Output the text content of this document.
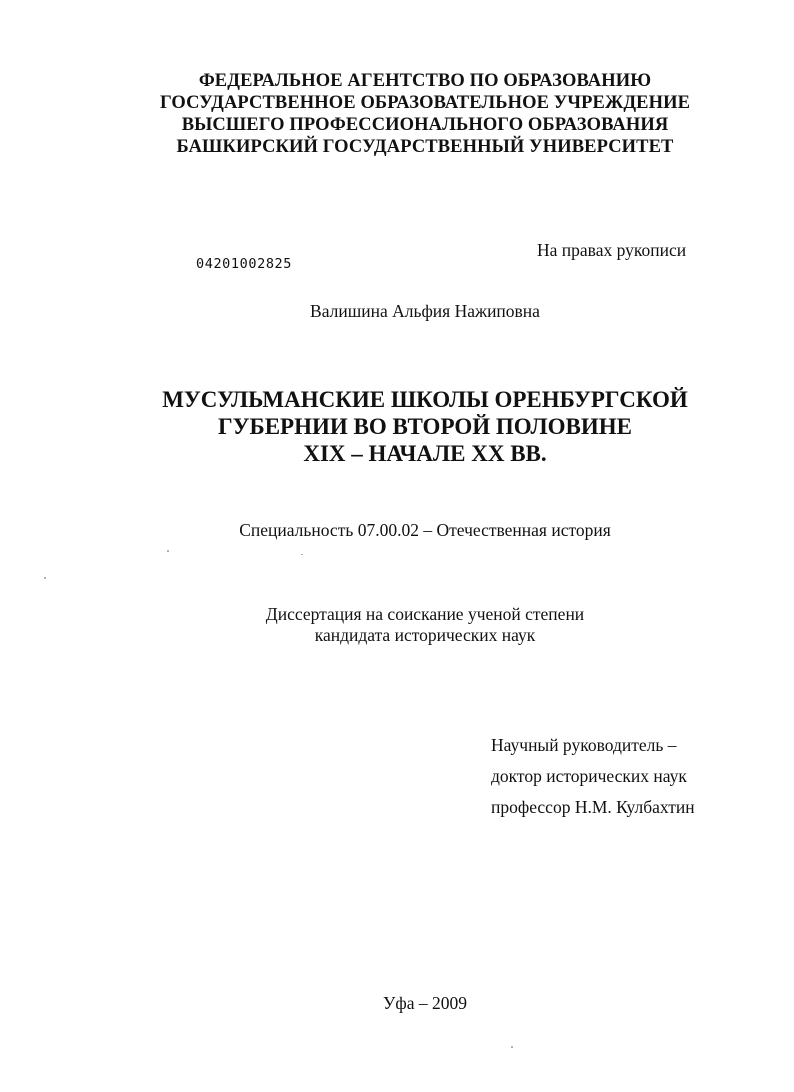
ФЕДЕРАЛЬНОЕ АГЕНТСТВО ПО ОБРАЗОВАНИЮ
ГОСУДАРСТВЕННОЕ ОБРАЗОВАТЕЛЬНОЕ УЧРЕЖДЕНИЕ
ВЫСШЕГО ПРОФЕССИОНАЛЬНОГО ОБРАЗОВАНИЯ
БАШКИРСКИЙ ГОСУДАРСТВЕННЫЙ УНИВЕРСИТЕТ
На правах рукописи
04201002825
Валишина Альфия Нажиповна
МУСУЛЬМАНСКИЕ ШКОЛЫ ОРЕНБУРГСКОЙ
ГУБЕРНИИ ВО ВТОРОЙ ПОЛОВИНЕ
XIX – НАЧАЛЕ XX ВВ.
Специальность 07.00.02 – Отечественная история
Диссертация на соискание ученой степени
кандидата исторических наук
Научный руководитель –
доктор исторических наук
профессор Н.М. Кулбахтин
Уфа – 2009
